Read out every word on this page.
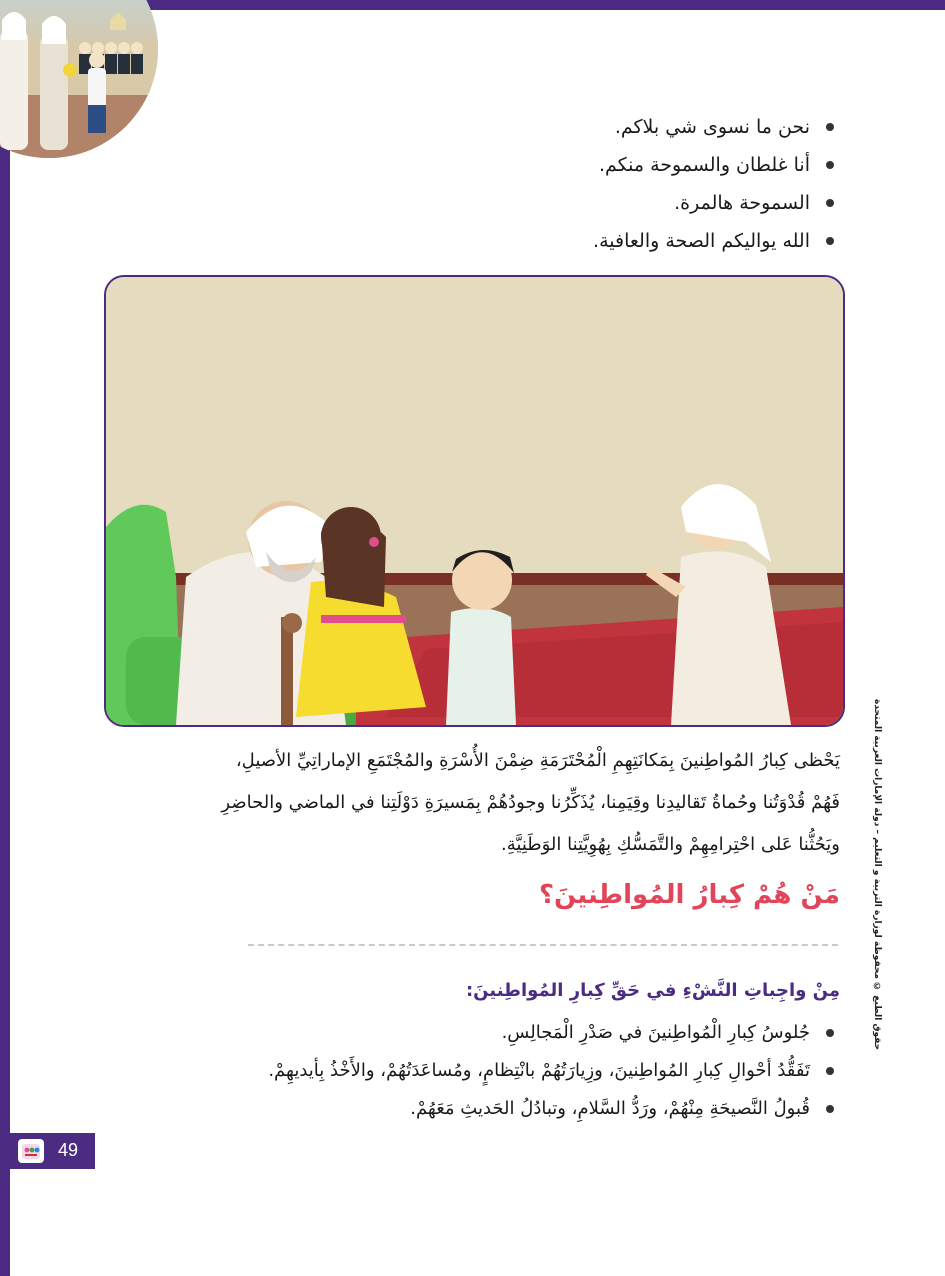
نحن ما نسوى شي بلاكم.
أنا غلطان والسموحة منكم.
السموحة هالمرة.
الله يواليكم الصحة والعافية.

يَحْظى كِبارُ المُواطِنينَ بِمَكانَتِهِمِ الْمُحْتَرَمَةِ ضِمْنَ الأُسْرَةِ والمُجْتَمَعِ الإماراتِيِّ الأصيلِ،

فَهُمْ قُدْوَتُنا وحُماةُ تَقاليدِنا وقِيَمِنا، يُذَكِّرُنا وجودُهُمْ بِمَسيرَةِ دَوْلَتِنا في الماضي والحاضِرِ

ويَحُثُّنا عَلى احْتِرامِهِمْ والتَّمَسُّكِ بِهُوِيَّتِنا الوَطَنِيَّةِ.

مَنْ هُمْ كِبارُ المُواطِنينَ؟
مِنْ واجِباتِ النَّشْءِ في حَقِّ كِبارِ المُواطِنينَ:
جُلوسُ كِبارِ الْمُواطِنينَ في صَدْرِ الْمَجالِسِ.
تَفَقُّدُ أحْوالِ كِبارِ المُواطِنينَ، وزِيارَتُهُمْ بانْتِظامٍ، ومُساعَدَتُهُمْ، والأَخْذُ بِأيديهِمْ.
قُبولُ النَّصيحَةِ مِنْهُمْ، ورَدُّ السَّلامِ، وتبادُلُ الحَديثِ مَعَهُمْ.
حقوق الطبع © محفوظة لوزارة التربية و التعليم – دولة الإمارات العربية المتحدة
49
